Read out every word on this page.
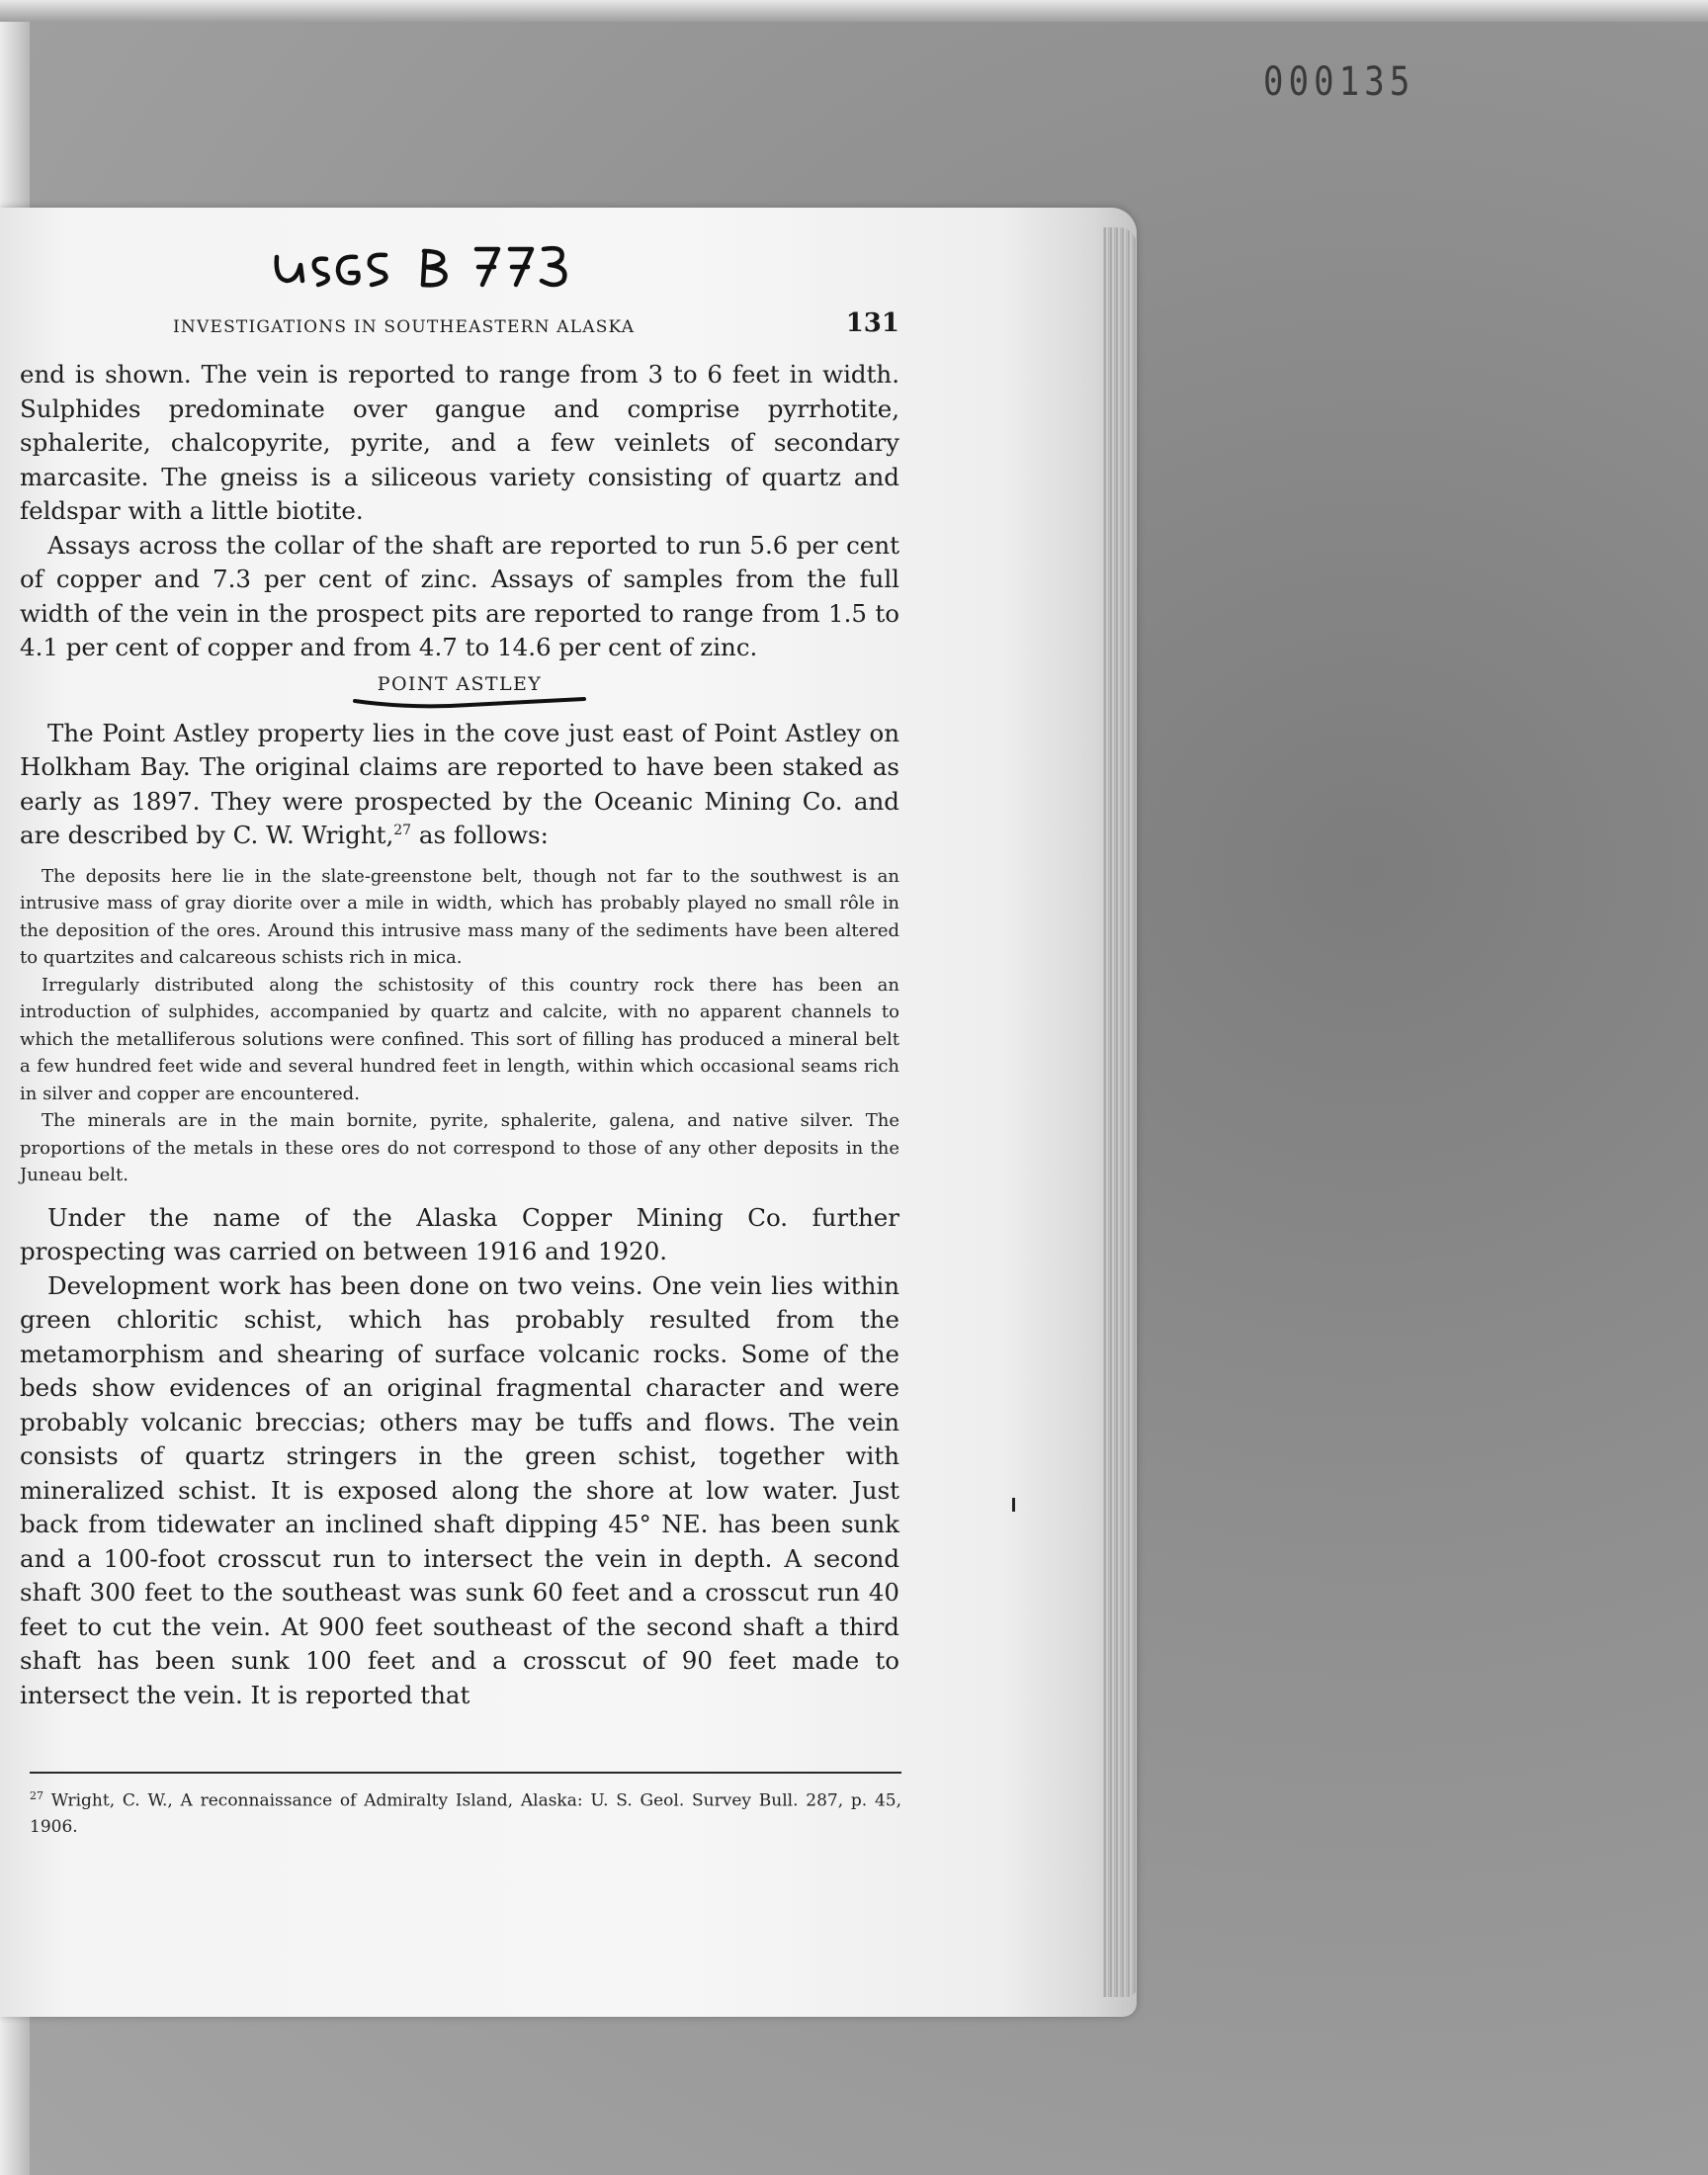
000135
INVESTIGATIONS IN SOUTHEASTERN ALASKA	131

end is shown. The vein is reported to range from 3 to 6 feet in width. Sulphides predominate over gangue and comprise pyrrhotite, sphalerite, chalcopyrite, pyrite, and a few veinlets of secondary marcasite. The gneiss is a siliceous variety consisting of quartz and feldspar with a little biotite.

Assays across the collar of the shaft are reported to run 5.6 per cent of copper and 7.3 per cent of zinc. Assays of samples from the full width of the vein in the prospect pits are reported to range from 1.5 to 4.1 per cent of copper and from 4.7 to 14.6 per cent of zinc.

POINT ASTLEY

The Point Astley property lies in the cove just east of Point Astley on Holkham Bay. The original claims are reported to have been staked as early as 1897. They were prospected by the Oceanic Mining Co. and are described by C. W. Wright,$^{27}$ as follows:

The deposits here lie in the slate-greenstone belt, though not far to the southwest is an intrusive mass of gray diorite over a mile in width, which has probably played no small rôle in the deposition of the ores. Around this intrusive mass many of the sediments have been altered to quartzites and calcareous schists rich in mica.

Irregularly distributed along the schistosity of this country rock there has been an introduction of sulphides, accompanied by quartz and calcite, with no apparent channels to which the metalliferous solutions were confined. This sort of filling has produced a mineral belt a few hundred feet wide and several hundred feet in length, within which occasional seams rich in silver and copper are encountered.

The minerals are in the main bornite, pyrite, sphalerite, galena, and native silver. The proportions of the metals in these ores do not correspond to those of any other deposits in the Juneau belt.

Under the name of the Alaska Copper Mining Co. further prospecting was carried on between 1916 and 1920.

Development work has been done on two veins. One vein lies within green chloritic schist, which has probably resulted from the metamorphism and shearing of surface volcanic rocks. Some of the beds show evidences of an original fragmental character and were probably volcanic breccias; others may be tuffs and flows. The vein consists of quartz stringers in the green schist, together with mineralized schist. It is exposed along the shore at low water. Just back from tidewater an inclined shaft dipping 45° NE. has been sunk and a 100-foot crosscut run to intersect the vein in depth. A second shaft 300 feet to the southeast was sunk 60 feet and a crosscut run 40 feet to cut the vein. At 900 feet southeast of the second shaft a third shaft has been sunk 100 feet and a crosscut of 90 feet made to intersect the vein. It is reported that

$^{27}$ Wright, C. W., A reconnaissance of Admiralty Island, Alaska: U. S. Geol. Survey Bull. 287, p. 45, 1906.
